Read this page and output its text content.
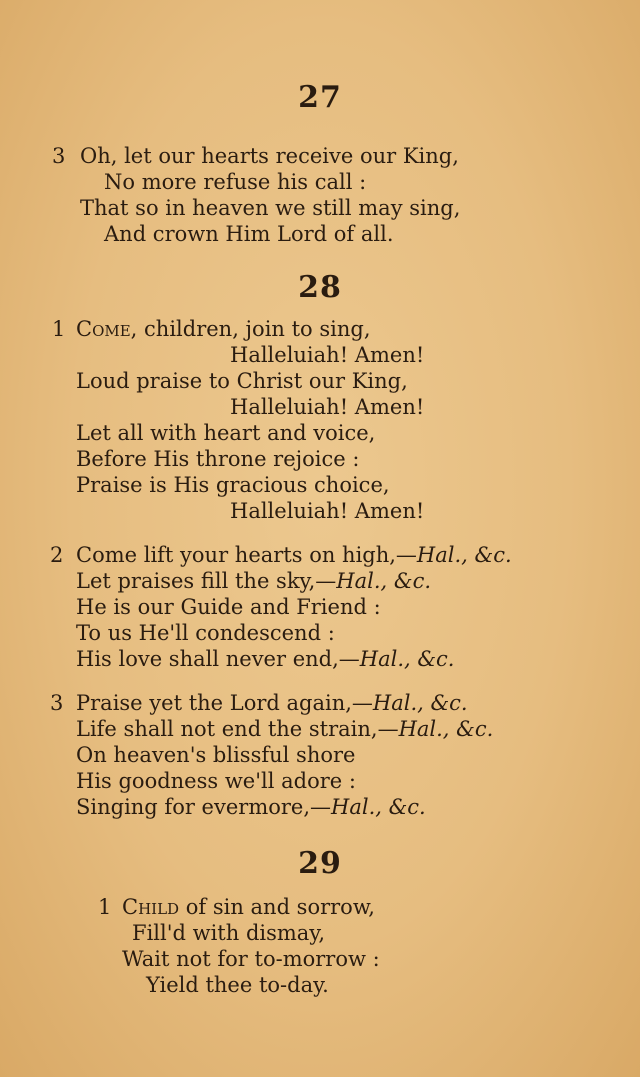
27
3 Oh, let our hearts receive our King,
No more refuse his call :
That so in heaven we still may sing,
And crown Him Lord of all.
28
1 Come, children, join to sing,
Halleluiah! Amen!
Loud praise to Christ our King,
Halleluiah! Amen!
Let all with heart and voice,
Before His throne rejoice :
Praise is His gracious choice,
Halleluiah! Amen!
2 Come lift your hearts on high,—Hal., &c.
Let praises fill the sky,—Hal., &c.
He is our Guide and Friend :
To us He'll condescend :
His love shall never end,—Hal., &c.
3 Praise yet the Lord again,—Hal., &c.
Life shall not end the strain,—Hal., &c.
On heaven's blissful shore
His goodness we'll adore :
Singing for evermore,—Hal., &c.
29
1 Child of sin and sorrow,
Fill'd with dismay,
Wait not for to-morrow :
Yield thee to-day.
